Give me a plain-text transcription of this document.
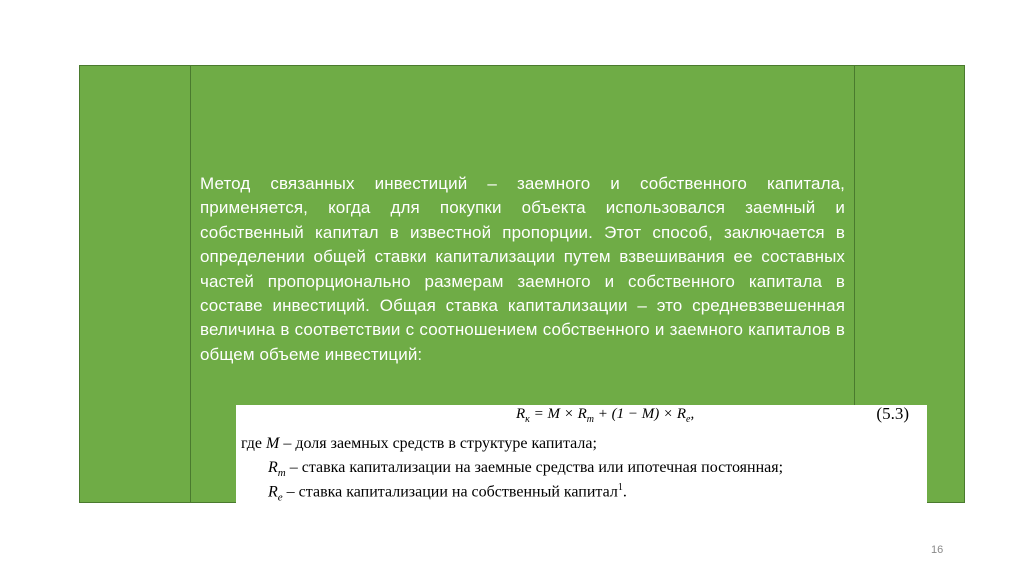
Метод связанных инвестиций – заемного и собственного капитала, применяется, когда для покупки объекта использовался заемный и собственный капитал в известной пропорции. Этот способ, заключается в определении общей ставки капитализации путем взвешивания ее составных частей пропорционально размерам заемного и собственного капитала в составе инвестиций. Общая ставка капитализации – это средневзвешенная величина в соответствии с соотношением собственного и заемного капиталов в общем объеме инвестиций:
$R_к = M \times R_m + (1 - M) \times R_e$,	(5.3)
где M – доля заемных средств в структуре капитала;
$R_m$ – ставка капитализации на заемные средства или ипотечная постоянная;
$R_e$ – ставка капитализации на собственный капитал$^1$.
16
